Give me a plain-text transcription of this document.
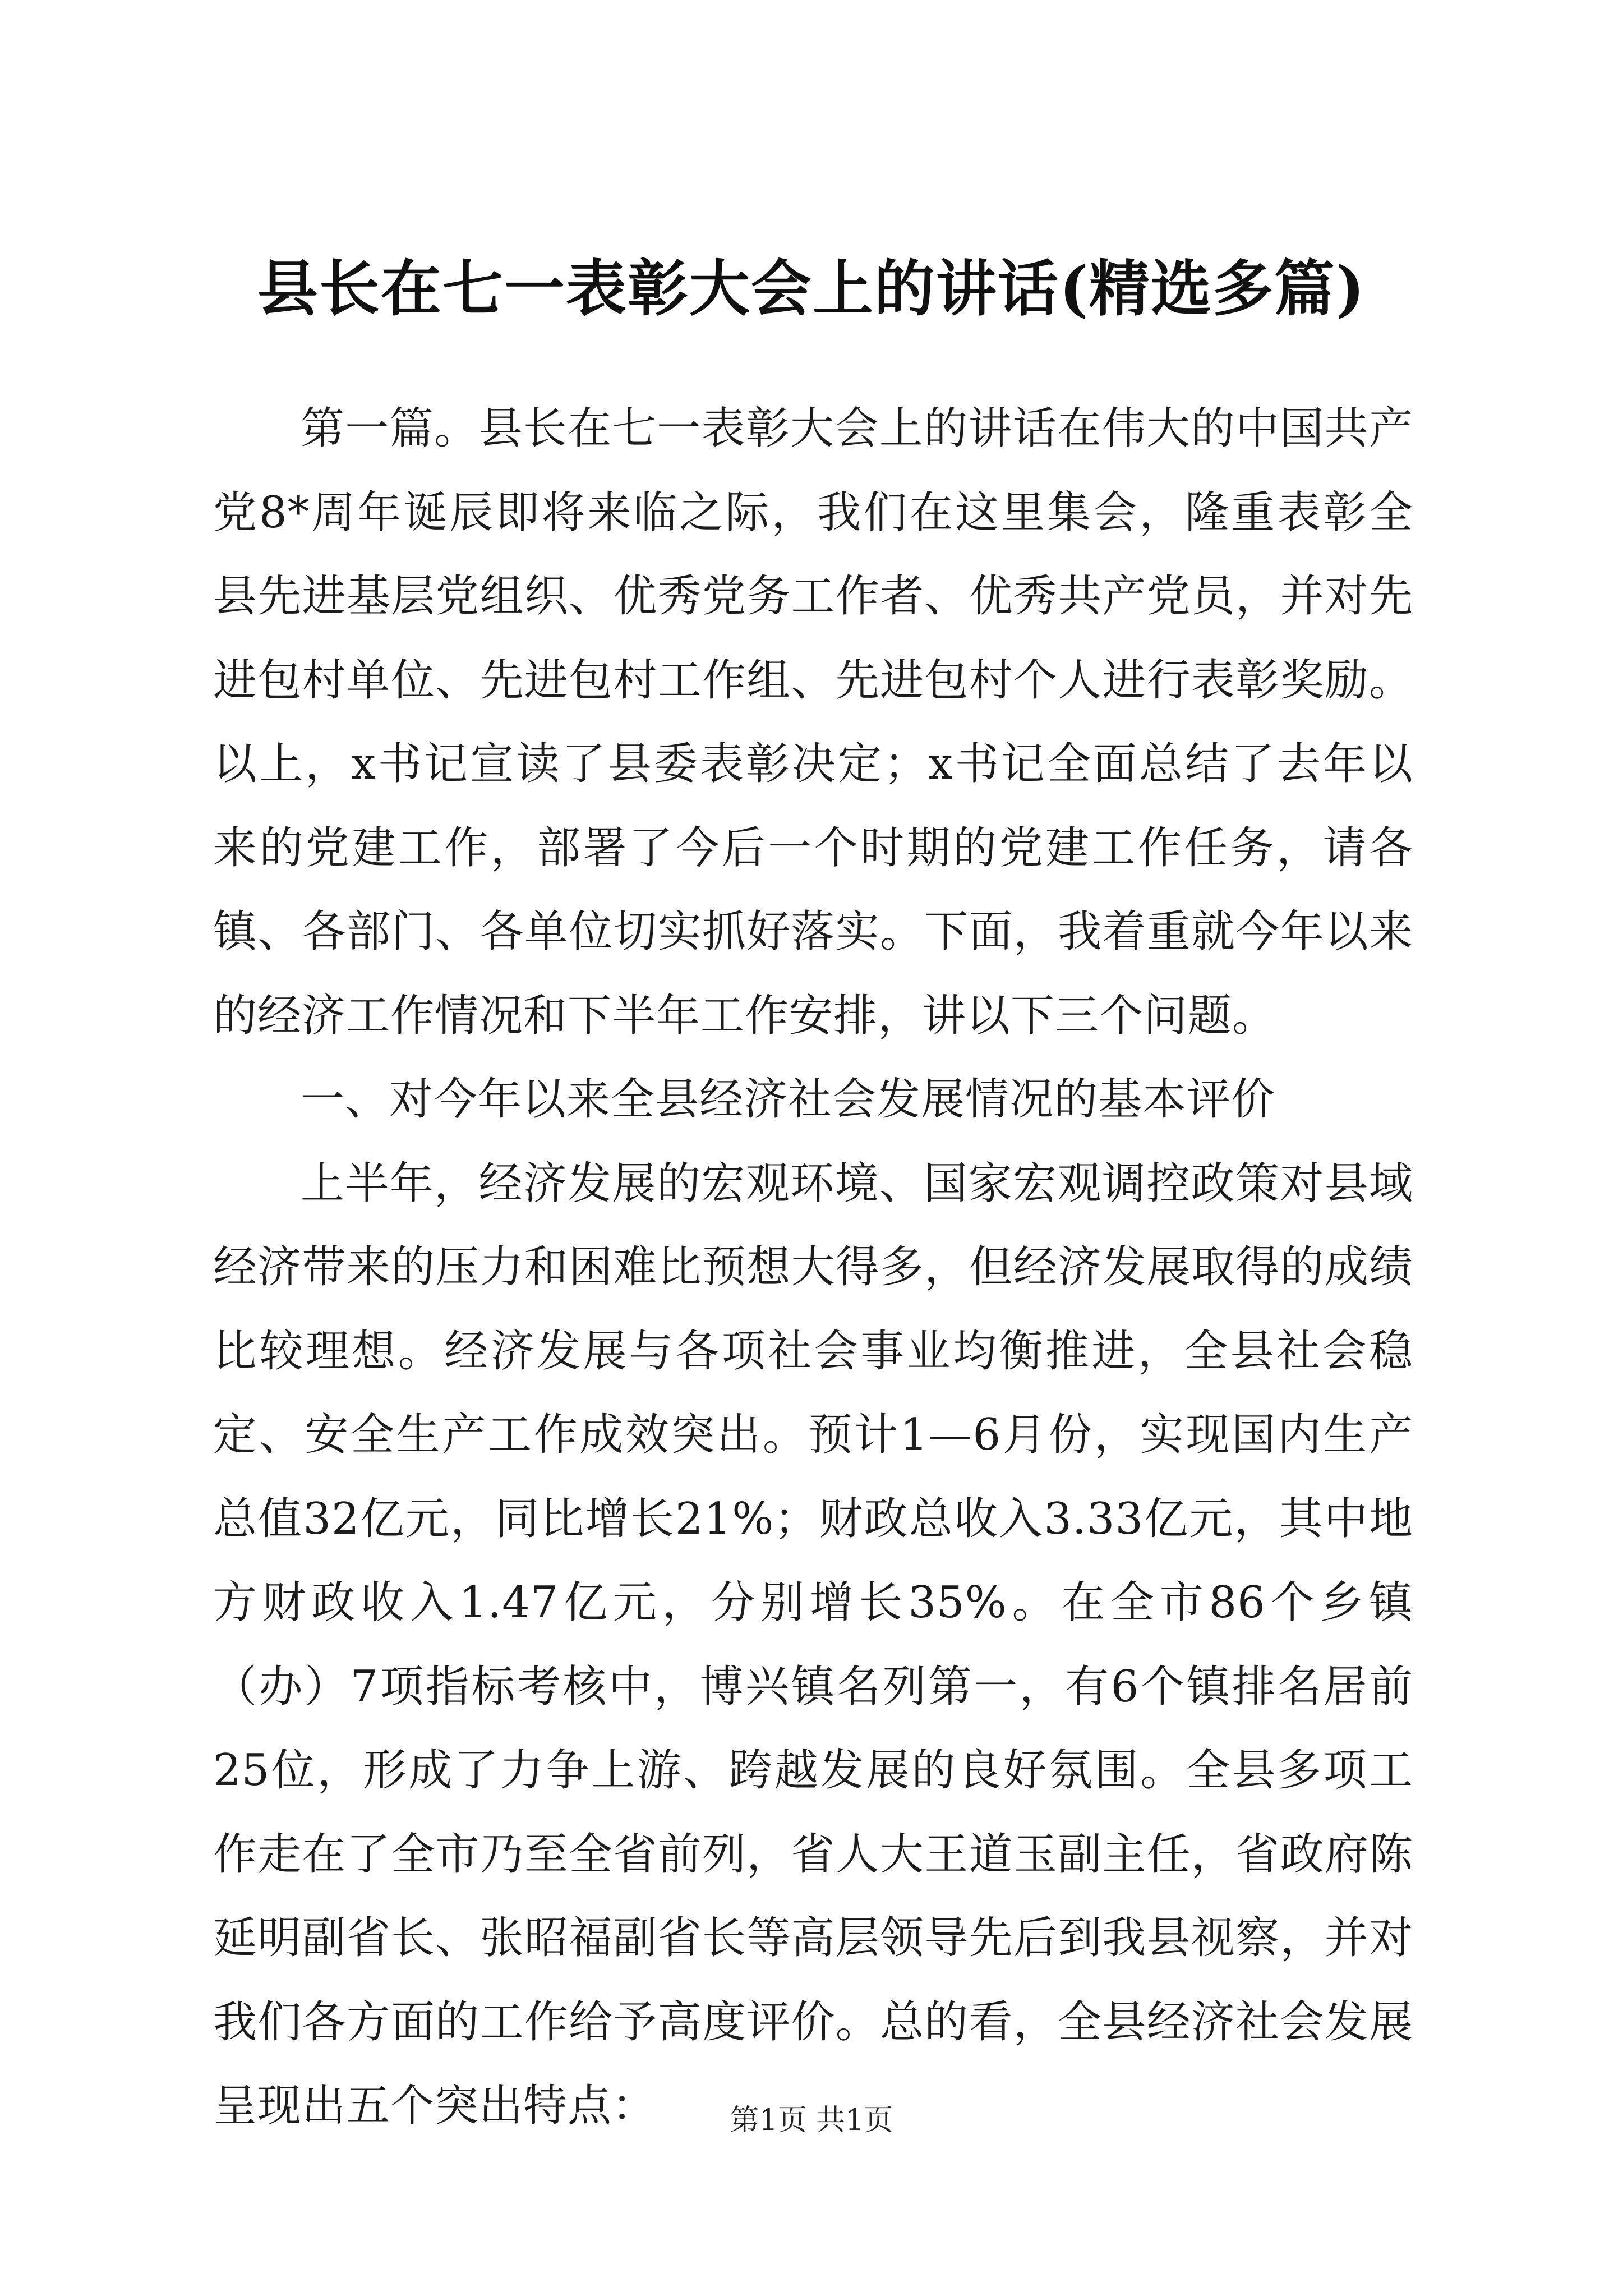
县长在七一表彰大会上的讲话(精选多篇)

第一篇。县长在七一表彰大会上的讲话在伟大的中国共产党8*周年诞辰即将来临之际，我们在这里集会，隆重表彰全县先进基层党组织、优秀党务工作者、优秀共产党员，并对先进包村单位、先进包村工作组、先进包村个人进行表彰奖励。以上，x书记宣读了县委表彰决定；x书记全面总结了去年以来的党建工作，部署了今后一个时期的党建工作任务，请各镇、各部门、各单位切实抓好落实。下面，我着重就今年以来的经济工作情况和下半年工作安排，讲以下三个问题。

一、对今年以来全县经济社会发展情况的基本评价

上半年，经济发展的宏观环境、国家宏观调控政策对县域经济带来的压力和困难比预想大得多，但经济发展取得的成绩比较理想。经济发展与各项社会事业均衡推进，全县社会稳定、安全生产工作成效突出。预计1—6月份，实现国内生产总值32亿元，同比增长21%；财政总收入3.33亿元，其中地方财政收入1.47亿元，分别增长35%。在全市86个乡镇（办）7项指标考核中，博兴镇名列第一，有6个镇排名居前25位，形成了力争上游、跨越发展的良好氛围。全县多项工作走在了全市乃至全省前列，省人大王道玉副主任，省政府陈延明副省长、张昭福副省长等高层领导先后到我县视察，并对我们各方面的工作给予高度评价。总的看，全县经济社会发展呈现出五个突出特点：	第1页 共1页
